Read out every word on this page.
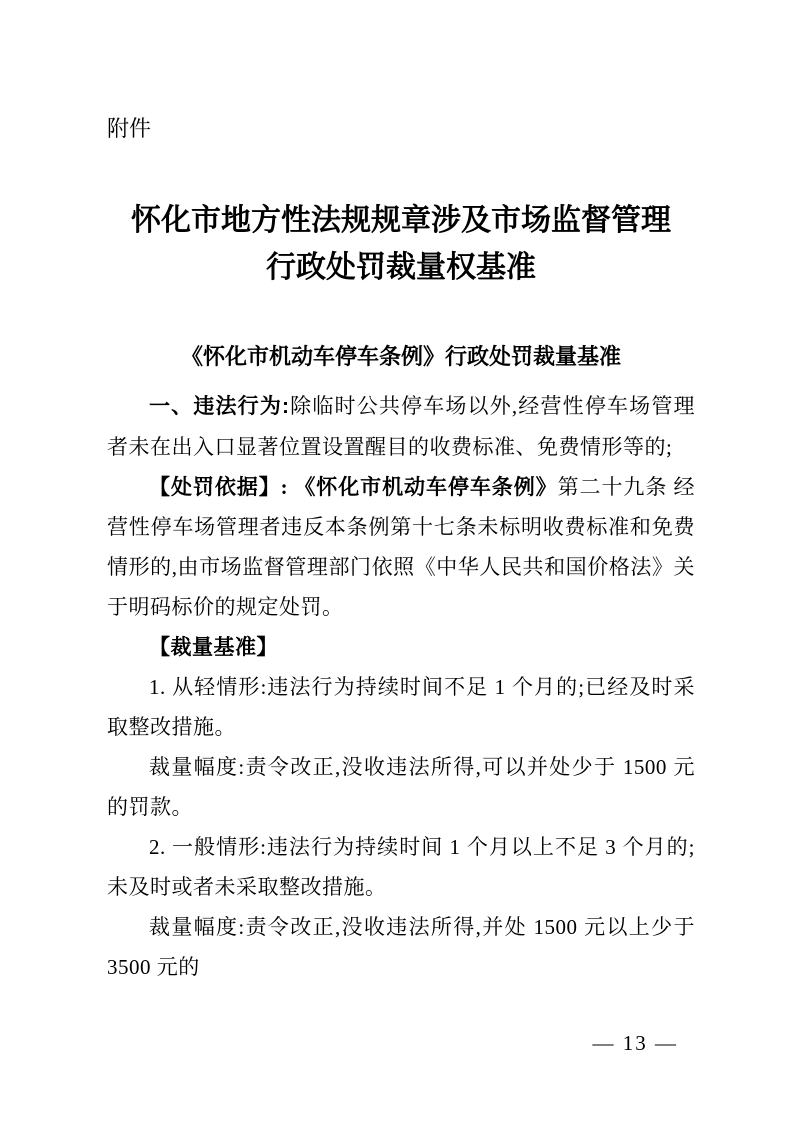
附件
怀化市地方性法规规章涉及市场监督管理
行政处罚裁量权基准
《怀化市机动车停车条例》行政处罚裁量基准

一、违法行为:除临时公共停车场以外,经营性停车场管理者未在出入口显著位置设置醒目的收费标准、免费情形等的;

【处罚依据】: 《怀化市机动车停车条例》第二十九条 经营性停车场管理者违反本条例第十七条未标明收费标准和免费情形的,由市场监督管理部门依照《中华人民共和国价格法》关于明码标价的规定处罚。

【裁量基准】

1. 从轻情形:违法行为持续时间不足 1 个月的;已经及时采取整改措施。

裁量幅度:责令改正,没收违法所得,可以并处少于 1500 元的罚款。

2. 一般情形:违法行为持续时间 1 个月以上不足 3 个月的;未及时或者未采取整改措施。

裁量幅度:责令改正,没收违法所得,并处 1500 元以上少于 3500 元的

— 13 —
